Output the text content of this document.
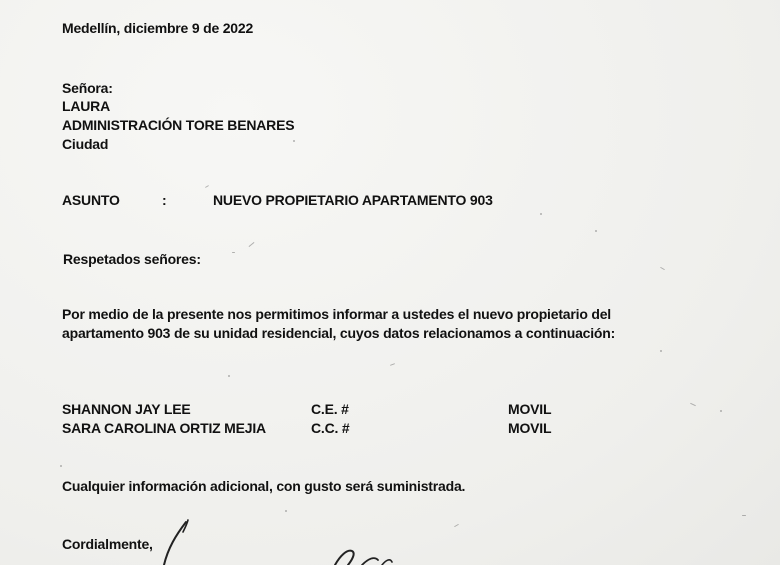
Medellín, diciembre 9 de 2022
Señora:
LAURA
ADMINISTRACIÓN TORE BENARES
Ciudad
ASUNTO	:	NUEVO PROPIETARIO APARTAMENTO 903
Respetados señores:
Por medio de la presente nos permitimos informar a ustedes el nuevo propietario del
apartamento 903 de su unidad residencial, cuyos datos relacionamos a continuación:
SHANNON JAY LEE	C.E. #	MOVIL
SARA CAROLINA ORTIZ MEJIA	C.C. #	MOVIL
Cualquier información adicional, con gusto será suministrada.
Cordialmente,
